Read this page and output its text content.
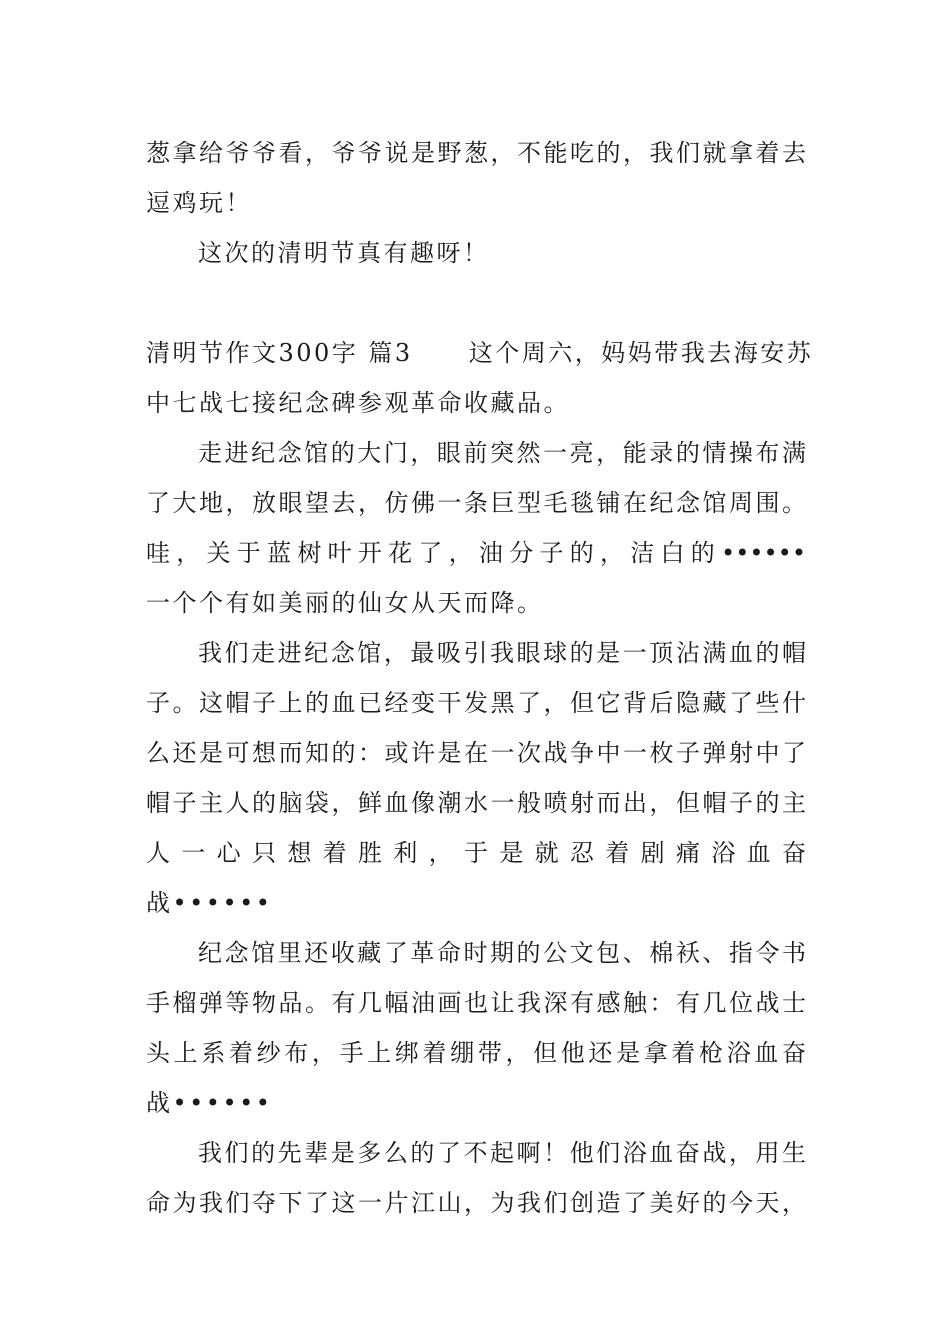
葱拿给爷爷看，爷爷说是野葱，不能吃的，我们就拿着去
逗鸡玩！
这次的清明节真有趣呀！
清明节作文300字 篇3 这个周六，妈妈带我去海安苏
中七战七接纪念碑参观革命收藏品。
走进纪念馆的大门，眼前突然一亮，能录的情操布满
了大地，放眼望去，仿佛一条巨型毛毯铺在纪念馆周围。
哇，关于蓝树叶开花了，油分子的，洁白的••••••
一个个有如美丽的仙女从天而降。
我们走进纪念馆，最吸引我眼球的是一顶沾满血的帽
子。这帽子上的血已经变干发黑了，但它背后隐藏了些什
么还是可想而知的：或许是在一次战争中一枚子弹射中了
帽子主人的脑袋，鲜血像潮水一般喷射而出，但帽子的主
人一心只想着胜利，于是就忍着剧痛浴血奋
战••••••
纪念馆里还收藏了革命时期的公文包、棉袄、指令书
手榴弹等物品。有几幅油画也让我深有感触：有几位战士
头上系着纱布，手上绑着绷带，但他还是拿着枪浴血奋
战••••••
我们的先辈是多么的了不起啊！他们浴血奋战，用生
命为我们夺下了这一片江山，为我们创造了美好的今天，
